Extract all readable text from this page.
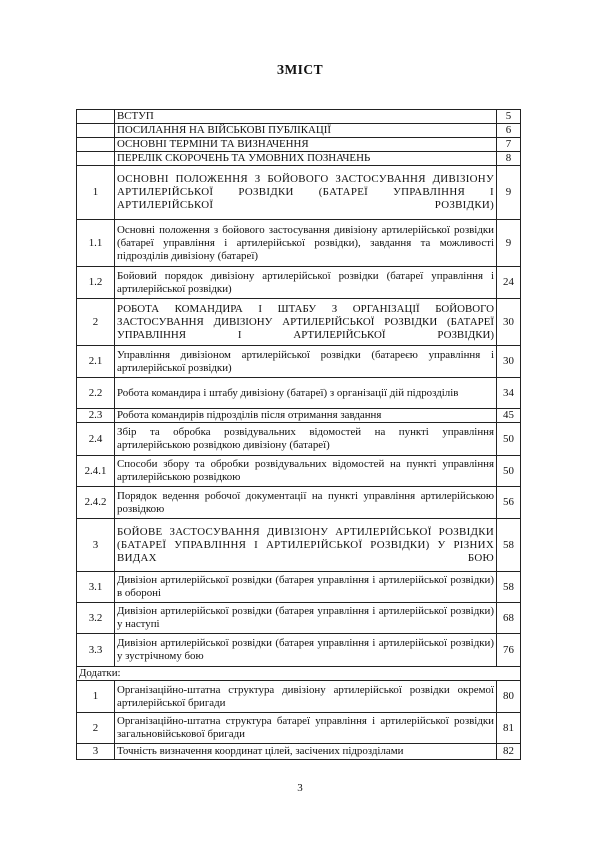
ЗМІСТ
	ВСТУП	5
	ПОСИЛАННЯ НА ВІЙСЬКОВІ ПУБЛІКАЦІЇ	6
	ОСНОВНІ ТЕРМІНИ ТА ВИЗНАЧЕННЯ	7
	ПЕРЕЛІК СКОРОЧЕНЬ ТА УМОВНИХ ПОЗНАЧЕНЬ	8
1	ОСНОВНІ ПОЛОЖЕННЯ З БОЙОВОГО ЗАСТОСУВАННЯ ДИВІЗІОНУ АРТИЛЕРІЙСЬКОЇ РОЗВІДКИ (БАТАРЕЇ УПРАВЛІННЯ І АРТИЛЕРІЙСЬКОЇ РОЗВІДКИ)	9
1.1	Основні положення з бойового застосування дивізіону артилерійської розвідки (батареї управління і артилерійської розвідки), завдання та можливості підрозділів дивізіону (батареї)	9
1.2	Бойовий порядок дивізіону артилерійської розвідки (батареї управління і артилерійської розвідки)	24
2	РОБОТА КОМАНДИРА І ШТАБУ З ОРГАНІЗАЦІЇ БОЙОВОГО ЗАСТОСУВАННЯ ДИВІЗІОНУ АРТИЛЕРІЙСЬКОЇ РОЗВІДКИ (БАТАРЕЇ УПРАВЛІННЯ І АРТИЛЕРІЙСЬКОЇ РОЗВІДКИ)	30
2.1	Управління дивізіоном артилерійської розвідки (батареєю управління і артилерійської розвідки)	30
2.2	Робота командира і штабу дивізіону (батареї) з організації дій підрозділів	34
2.3	Робота командирів підрозділів після отримання завдання	45
2.4	Збір та обробка розвідувальних відомостей на пункті управління артилерійською розвідкою дивізіону (батареї)	50
2.4.1	Способи збору та обробки розвідувальних відомостей на пункті управління артилерійською розвідкою	50
2.4.2	Порядок ведення робочої документації на пункті управління артилерійською розвідкою	56
3	БОЙОВЕ ЗАСТОСУВАННЯ ДИВІЗІОНУ АРТИЛЕРІЙСЬКОЇ РОЗВІДКИ (БАТАРЕЇ УПРАВЛІННЯ І АРТИЛЕРІЙСЬКОЇ РОЗВІДКИ) У РІЗНИХ ВИДАХ БОЮ	58
3.1	Дивізіон артилерійської розвідки (батарея управління і артилерійської розвідки) в обороні	58
3.2	Дивізіон артилерійської розвідки (батарея управління і артилерійської розвідки) у наступі	68
3.3	Дивізіон артилерійської розвідки (батарея управління і артилерійської розвідки) у зустрічному бою	76
Додатки:		
1	Організаційно-штатна структура дивізіону артилерійської розвідки окремої артилерійської бригади	80
2	Організаційно-штатна структура батареї управління і артилерійської розвідки загальновійськової бригади	81
3	Точність визначення координат цілей, засічених підрозділами	82
3
